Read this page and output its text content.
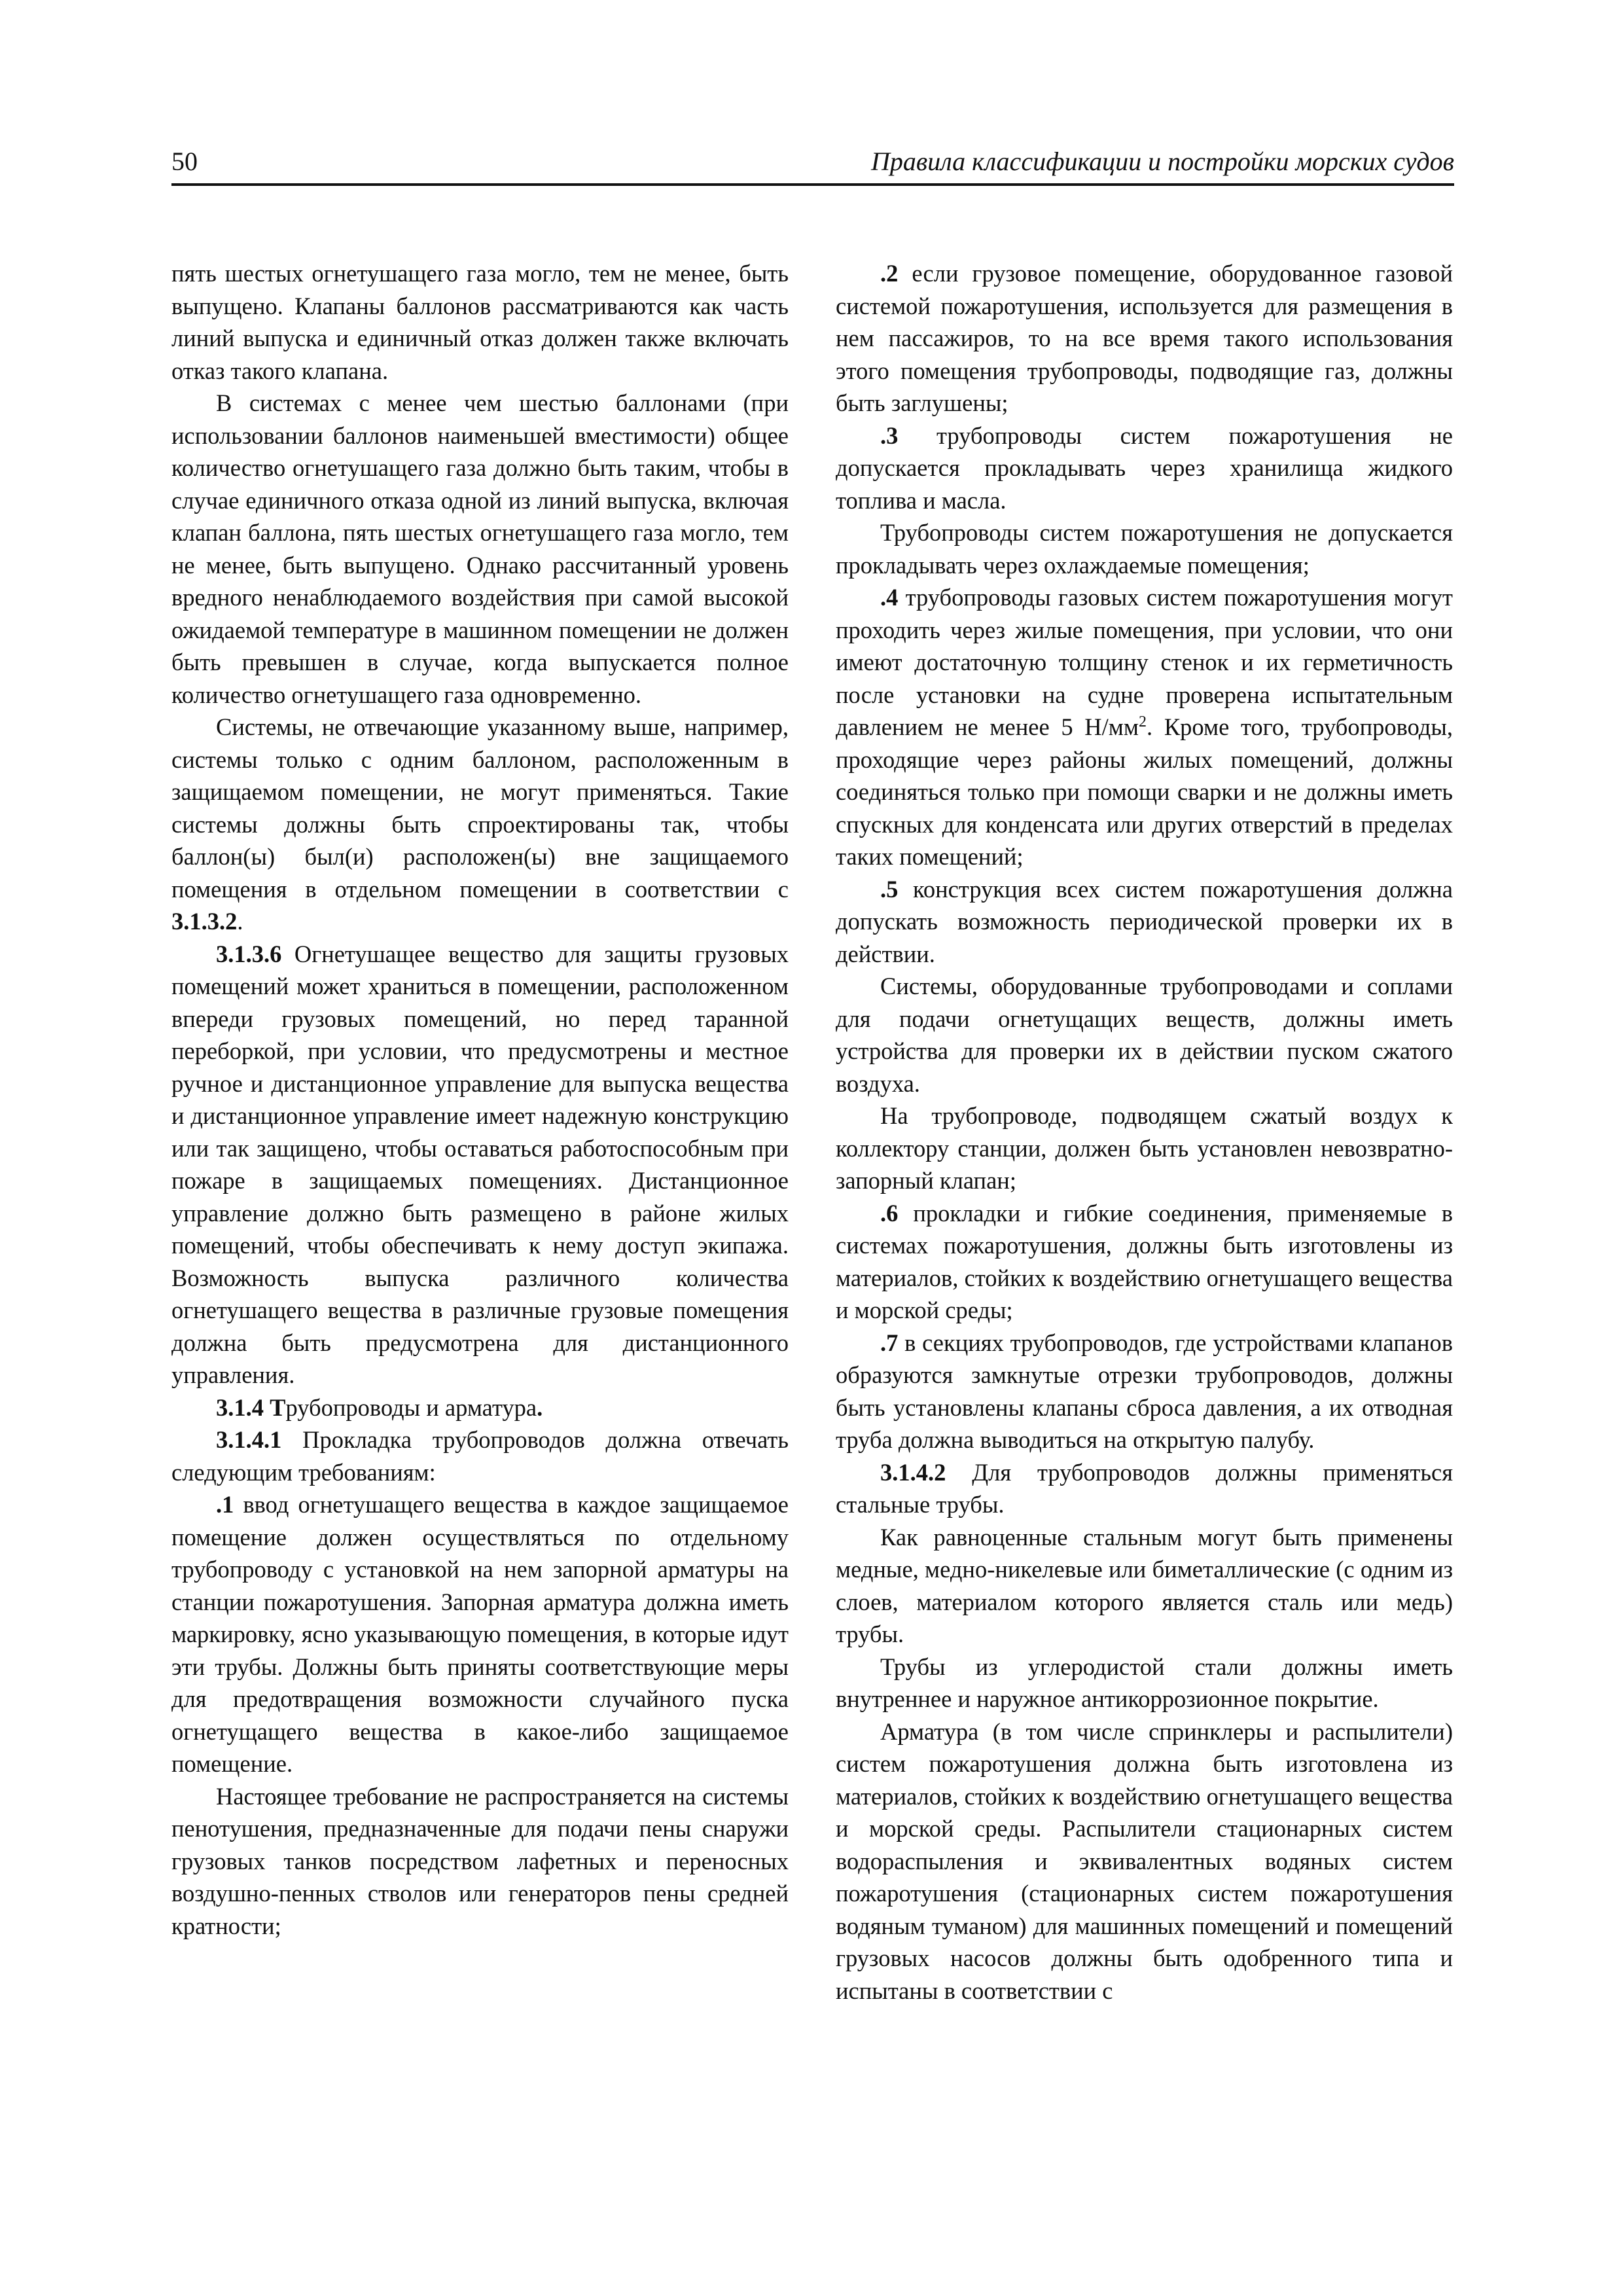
50	Правила классификации и постройки морских судов

пять шестых огнетушащего газа могло, тем не менее, быть выпущено. Клапаны баллонов рассматриваются как часть линий выпуска и единичный отказ должен также включать отказ такого клапана.

В системах с менее чем шестью баллонами (при использовании баллонов наименьшей вместимости) общее количество огнетушащего газа должно быть таким, чтобы в случае единичного отказа одной из линий выпуска, включая клапан баллона, пять шестых огнетушащего газа могло, тем не менее, быть выпущено. Однако рассчитанный уровень вредного ненаблюдаемого воздействия при самой высокой ожидаемой температуре в машинном помещении не должен быть превышен в случае, когда выпускается полное количество огнетушащего газа одновременно.

Системы, не отвечающие указанному выше, например, системы только с одним баллоном, расположенным в защищаемом помещении, не могут применяться. Такие системы должны быть спроектированы так, чтобы баллон(ы) был(и) расположен(ы) вне защищаемого помещения в отдельном помещении в соответствии с 3.1.3.2.

3.1.3.6 Огнетушащее вещество для защиты грузовых помещений может храниться в помещении, расположенном впереди грузовых помещений, но перед таранной переборкой, при условии, что предусмотрены и местное ручное и дистанционное управление для выпуска вещества и дистанционное управление имеет надежную конструкцию или так защищено, чтобы оставаться работоспособным при пожаре в защищаемых помещениях. Дистанционное управление должно быть размещено в районе жилых помещений, чтобы обеспечивать к нему доступ экипажа. Возможность выпуска различного количества огнетушащего вещества в различные грузовые помещения должна быть предусмотрена для дистанционного управления.

3.1.4 Трубопроводы и арматура.

3.1.4.1 Прокладка трубопроводов должна отвечать следующим требованиям:

.1 ввод огнетушащего вещества в каждое защищаемое помещение должен осуществляться по отдельному трубопроводу с установкой на нем запорной арматуры на станции пожаротушения. Запорная арматура должна иметь маркировку, ясно указывающую помещения, в которые идут эти трубы. Должны быть приняты соответствующие меры для предотвращения возможности случайного пуска огнетущащего вещества в какое-либо защищаемое помещение.

Настоящее требование не распространяется на системы пенотушения, предназначенные для подачи пены снаружи грузовых танков посредством лафетных и переносных воздушно-пенных стволов или генераторов пены средней кратности;

.2 если грузовое помещение, оборудованное газовой системой пожаротушения, используется для размещения в нем пассажиров, то на все время такого использования этого помещения трубопроводы, подводящие газ, должны быть заглушены;

.3 трубопроводы систем пожаротушения не допускается прокладывать через хранилища жидкого топлива и масла.

Трубопроводы систем пожаротушения не допускается прокладывать через охлаждаемые помещения;

.4 трубопроводы газовых систем пожаротушения могут проходить через жилые помещения, при условии, что они имеют достаточную толщину стенок и их герметичность после установки на судне проверена испытательным давлением не менее 5 $Н/мм^2$. Кроме того, трубопроводы, проходящие через районы жилых помещений, должны соединяться только при помощи сварки и не должны иметь спускных для конденсата или других отверстий в пределах таких помещений;

.5 конструкция всех систем пожаротушения должна допускать возможность периодической проверки их в действии.

Системы, оборудованные трубопроводами и соплами для подачи огнетущащих веществ, должны иметь устройства для проверки их в действии пуском сжатого воздуха.

На трубопроводе, подводящем сжатый воздух к коллектору станции, должен быть установлен невозвратно-запорный клапан;

.6 прокладки и гибкие соединения, применяемые в системах пожаротушения, должны быть изготовлены из материалов, стойких к воздействию огнетушащего вещества и морской среды;

.7 в секциях трубопроводов, где устройствами клапанов образуются замкнутые отрезки трубопроводов, должны быть установлены клапаны сброса давления, а их отводная труба должна выводиться на открытую палубу.

3.1.4.2 Для трубопроводов должны применяться стальные трубы.

Как равноценные стальным могут быть применены медные, медно-никелевые или биметаллические (с одним из слоев, материалом которого является сталь или медь) трубы.

Трубы из углеродистой стали должны иметь внутреннее и наружное антикоррозионное покрытие.

Арматура (в том числе спринклеры и распылители) систем пожаротушения должна быть изготовлена из материалов, стойких к воздействию огнетушащего вещества и морской среды. Распылители стационарных систем водораспыления и эквивалентных водяных систем пожаротушения (стационарных систем пожаротушения водяным туманом) для машинных помещений и помещений грузовых насосов должны быть одобренного типа и испытаны в соответствии с
